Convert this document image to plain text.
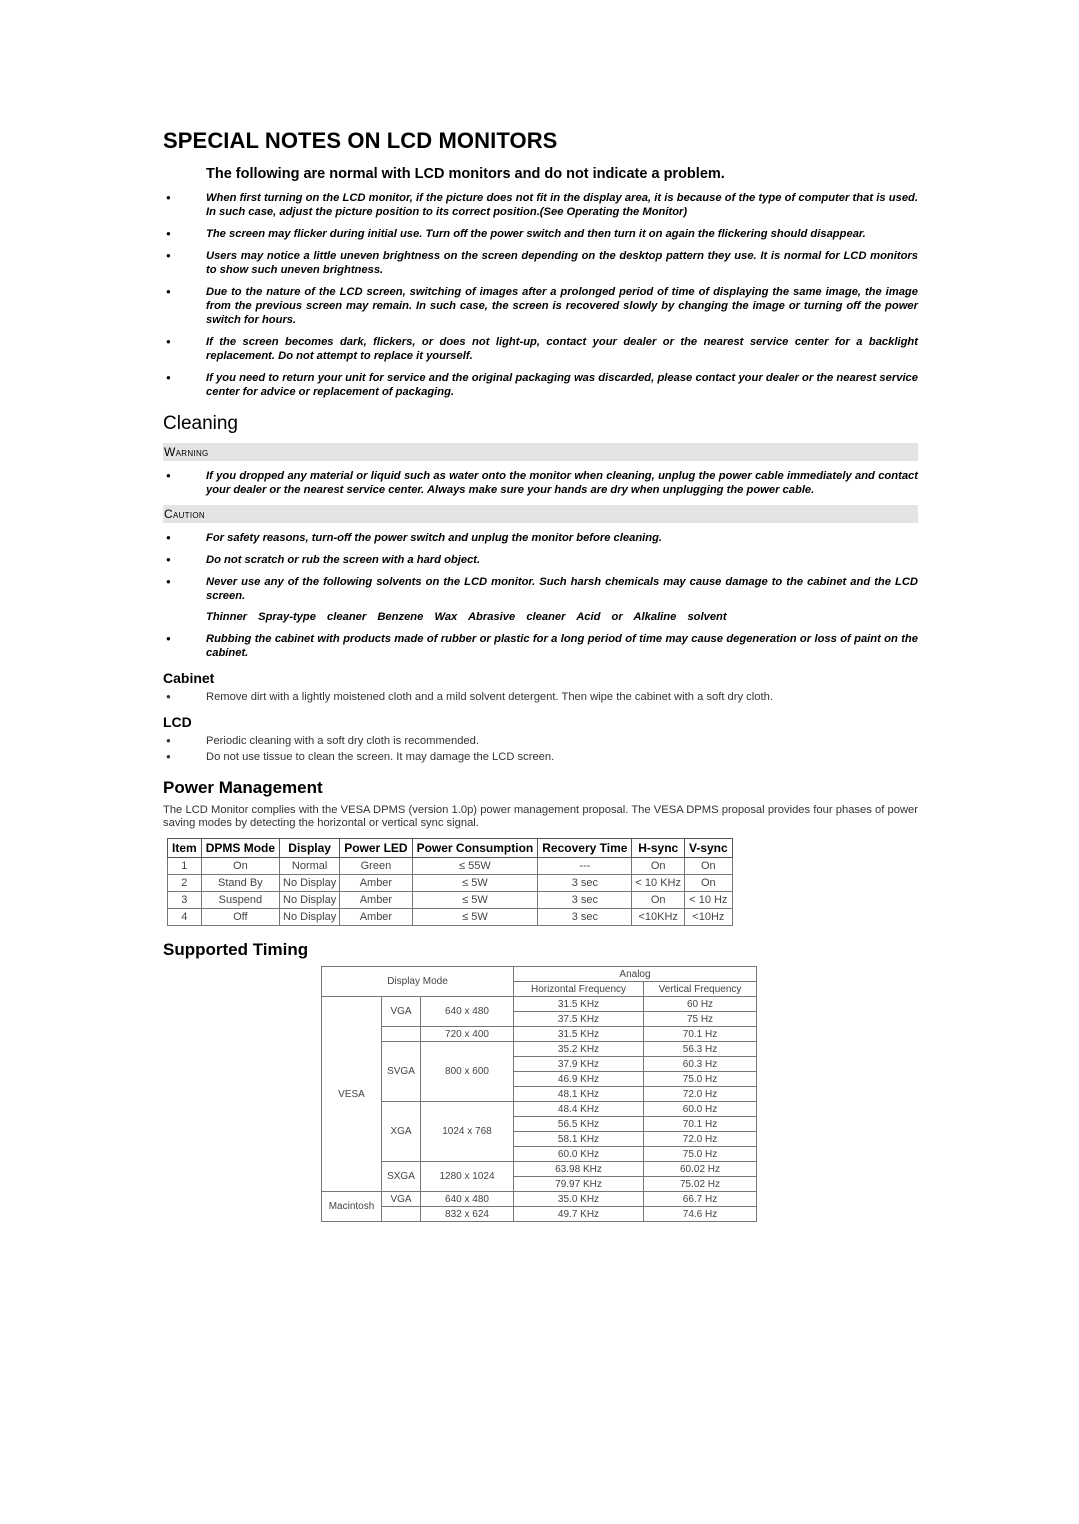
SPECIAL NOTES ON LCD MONITORS
The following are normal with LCD monitors and do not indicate a problem.
● When first turning on the LCD monitor, if the picture does not fit in the display area, it is because of the type of computer that is used. In such case, adjust the picture position to its correct position.(See Operating the Monitor)
● The screen may flicker during initial use. Turn off the power switch and then turn it on again the flickering should disappear.
● Users may notice a little uneven brightness on the screen depending on the desktop pattern they use. It is normal for LCD monitors to show such uneven brightness.
● Due to the nature of the LCD screen, switching of images after a prolonged period of time of displaying the same image, the image from the previous screen may remain. In such case, the screen is recovered slowly by changing the image or turning off the power switch for hours.
● If the screen becomes dark, flickers, or does not light-up, contact your dealer or the nearest service center for a backlight replacement. Do not attempt to replace it yourself.
● If you need to return your unit for service and the original packaging was discarded, please contact your dealer or the nearest service center for advice or replacement of packaging.
Cleaning
Warning
● If you dropped any material or liquid such as water onto the monitor when cleaning, unplug the power cable immediately and contact your dealer or the nearest service center. Always make sure your hands are dry when unplugging the power cable.
Caution
● For safety reasons, turn-off the power switch and unplug the monitor before cleaning.
● Do not scratch or rub the screen with a hard object.
● Never use any of the following solvents on the LCD monitor. Such harsh chemicals may cause damage to the cabinet and the LCD screen.
Thinner Spray-type cleaner Benzene Wax Abrasive cleaner Acid or Alkaline solvent
● Rubbing the cabinet with products made of rubber or plastic for a long period of time may cause degeneration or loss of paint on the cabinet.
Cabinet
● Remove dirt with a lightly moistened cloth and a mild solvent detergent. Then wipe the cabinet with a soft dry cloth.
LCD
● Periodic cleaning with a soft dry cloth is recommended.
● Do not use tissue to clean the screen. It may damage the LCD screen.
Power Management

The LCD Monitor complies with the VESA DPMS (version 1.0p) power management proposal. The VESA DPMS proposal provides four phases of power saving modes by detecting the horizontal or vertical sync signal.

Item	DPMS Mode	Display	Power LED	Power Consumption	Recovery Time	H-sync	V-sync
1	On	Normal	Green	≤ 55W	---	On	On
2	Stand By	No Display	Amber	≤ 5W	3 sec	< 10 KHz	On
3	Suspend	No Display	Amber	≤ 5W	3 sec	On	< 10 Hz
4	Off	No Display	Amber	≤ 5W	3 sec	<10KHz	<10Hz
Supported Timing
Display Mode			Analog	
			Horizontal Frequency	Vertical Frequency
VESA	VGA	640 x 480	31.5 KHz	60 Hz
			37.5 KHz	75 Hz
		720 x 400	31.5 KHz	70.1 Hz
	SVGA	800 x 600	35.2 KHz	56.3 Hz
			37.9 KHz	60.3 Hz
			46.9 KHz	75.0 Hz
			48.1 KHz	72.0 Hz
	XGA	1024 x 768	48.4 KHz	60.0 Hz
			56.5 KHz	70.1 Hz
			58.1 KHz	72.0 Hz
			60.0 KHz	75.0 Hz
	SXGA	1280 x 1024	63.98 KHz	60.02 Hz
			79.97 KHz	75.02 Hz
Macintosh	VGA	640 x 480	35.0 KHz	66.7 Hz
		832 x 624	49.7 KHz	74.6 Hz
